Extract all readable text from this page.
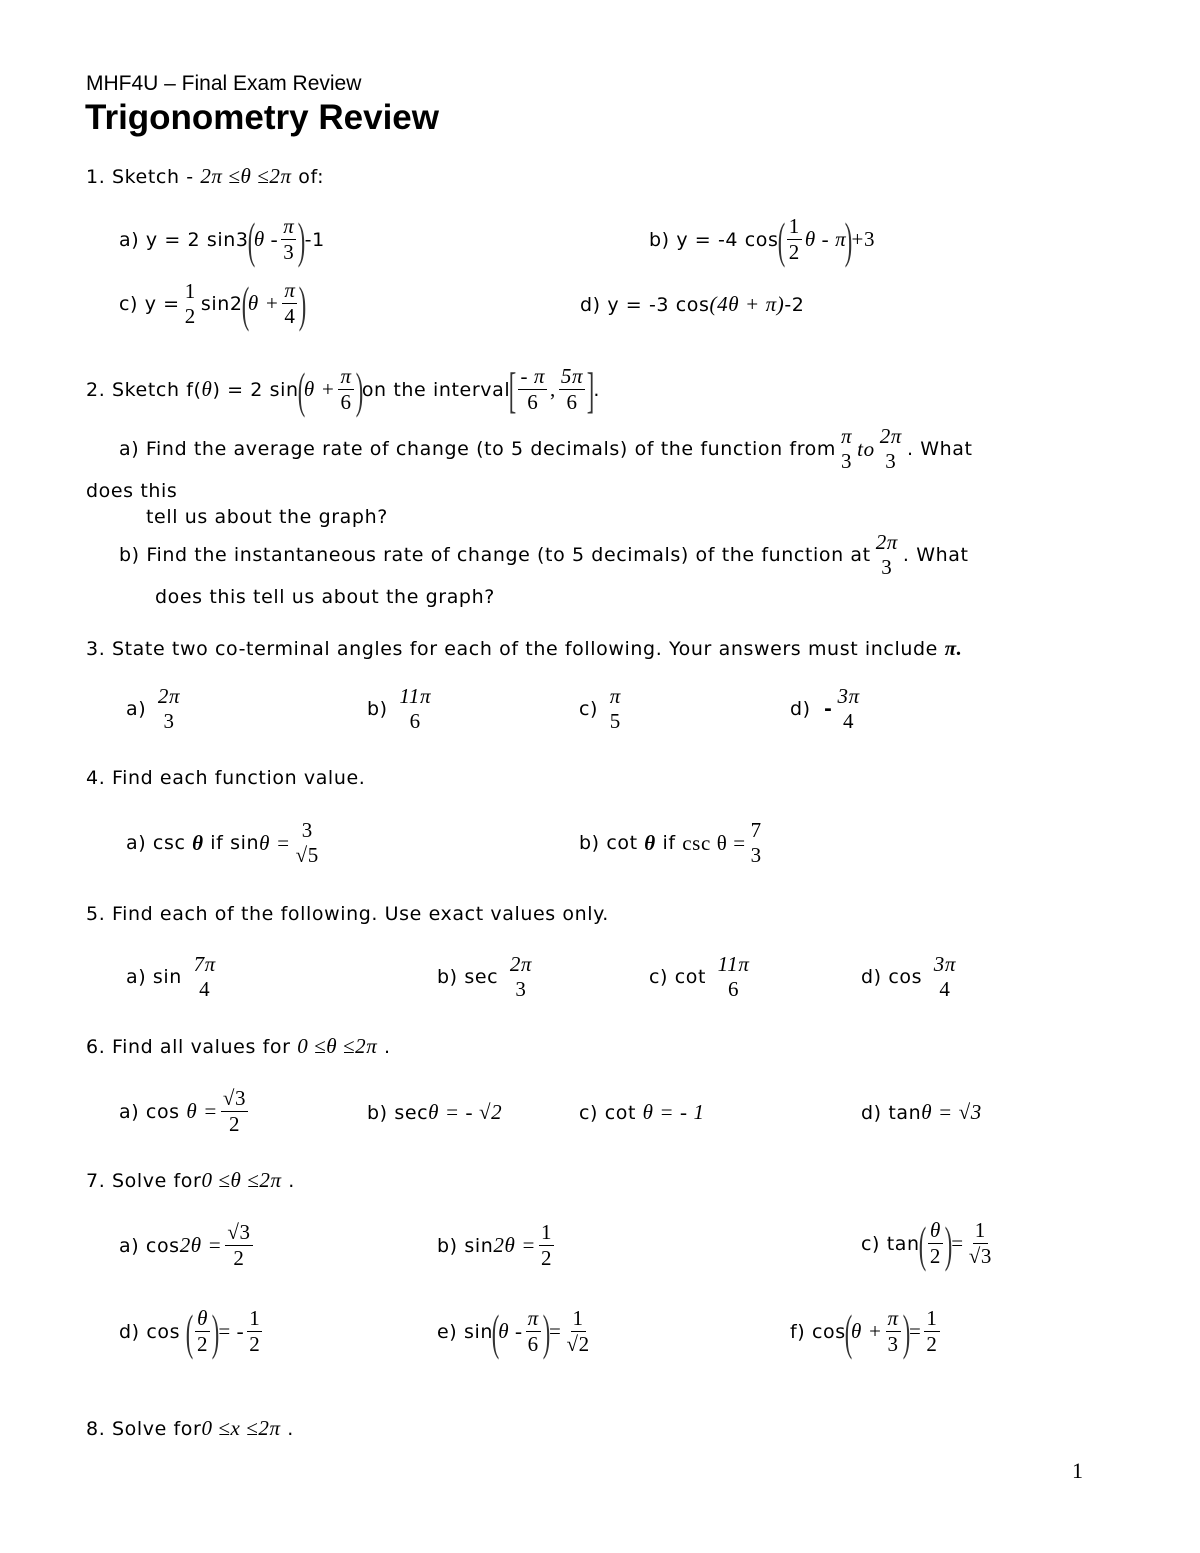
MHF4U – Final Exam Review
Trigonometry Review
1. Sketch - 2π ≤θ ≤2π of:
a)
y = 2 sin3
(
θ - $\frac{\pi}{3}$ )
-1	b)
y = -4 cos
( $\frac{1}{2}$ θ - π
)
+3
c)
y =
1
2 sin2
(
$\theta + \frac{\pi}{4}$ )	d)
y = -3 cos (4θ + π) -2
2.
Sketch f( θ ) = 2 sin
(
$\theta + \frac{\pi}{6}$ )
on the interval
[ $\frac{- \pi}{6}$ , $\frac{5\pi}{6}$ ]
.
a)
Find the average rate of change (to 5 decimals) of the function from
π
3
to
2π
3 . What
does this
tell us about the graph?
b)
Find the instantaneous rate of change (to 5 decimals) of the function at
2π
3 . What
does this tell us about the graph?
3. State two co-terminal angles for each of the following. Your answers must include π.
a)

2π
3	b)

11π
6	c)

π
5	d)
-
3π
4
4. Find each function value.
a)
csc
θ
if sin θ =
3
√5	b)
cot
θ
if
csc θ =
7
3
5. Find each of the following. Use exact values only.
a)
sin

7π
4	b)
sec

2π
3	c)
cot

11π
6	d)
cos

3π
4
6. Find all values for 0 ≤θ ≤2π .
a)
cos
$\theta = \frac{√3}{2}$	b) secθ = - √2	c) cot θ = - 1	d) tanθ = √3
7. Solve for0 ≤θ ≤2π .
a)
$\cos 2\theta = \frac{√3}{2}$	b)
$\sin 2\theta = \frac{1}{2}$	c)
tan
( $\frac{\theta}{2}$ )
= $\frac{1}{√3}$
d)
cos
( $\frac{\theta}{2}$ )
= - $\frac{1}{2}$	e)
sin
(
θ - $\frac{\pi}{6}$ )
= $\frac{1}{√2}$	f)
cos
(
$\theta + \frac{\pi}{3}$ )
= $\frac{1}{2}$
8. Solve for0 ≤x ≤2π .
1
